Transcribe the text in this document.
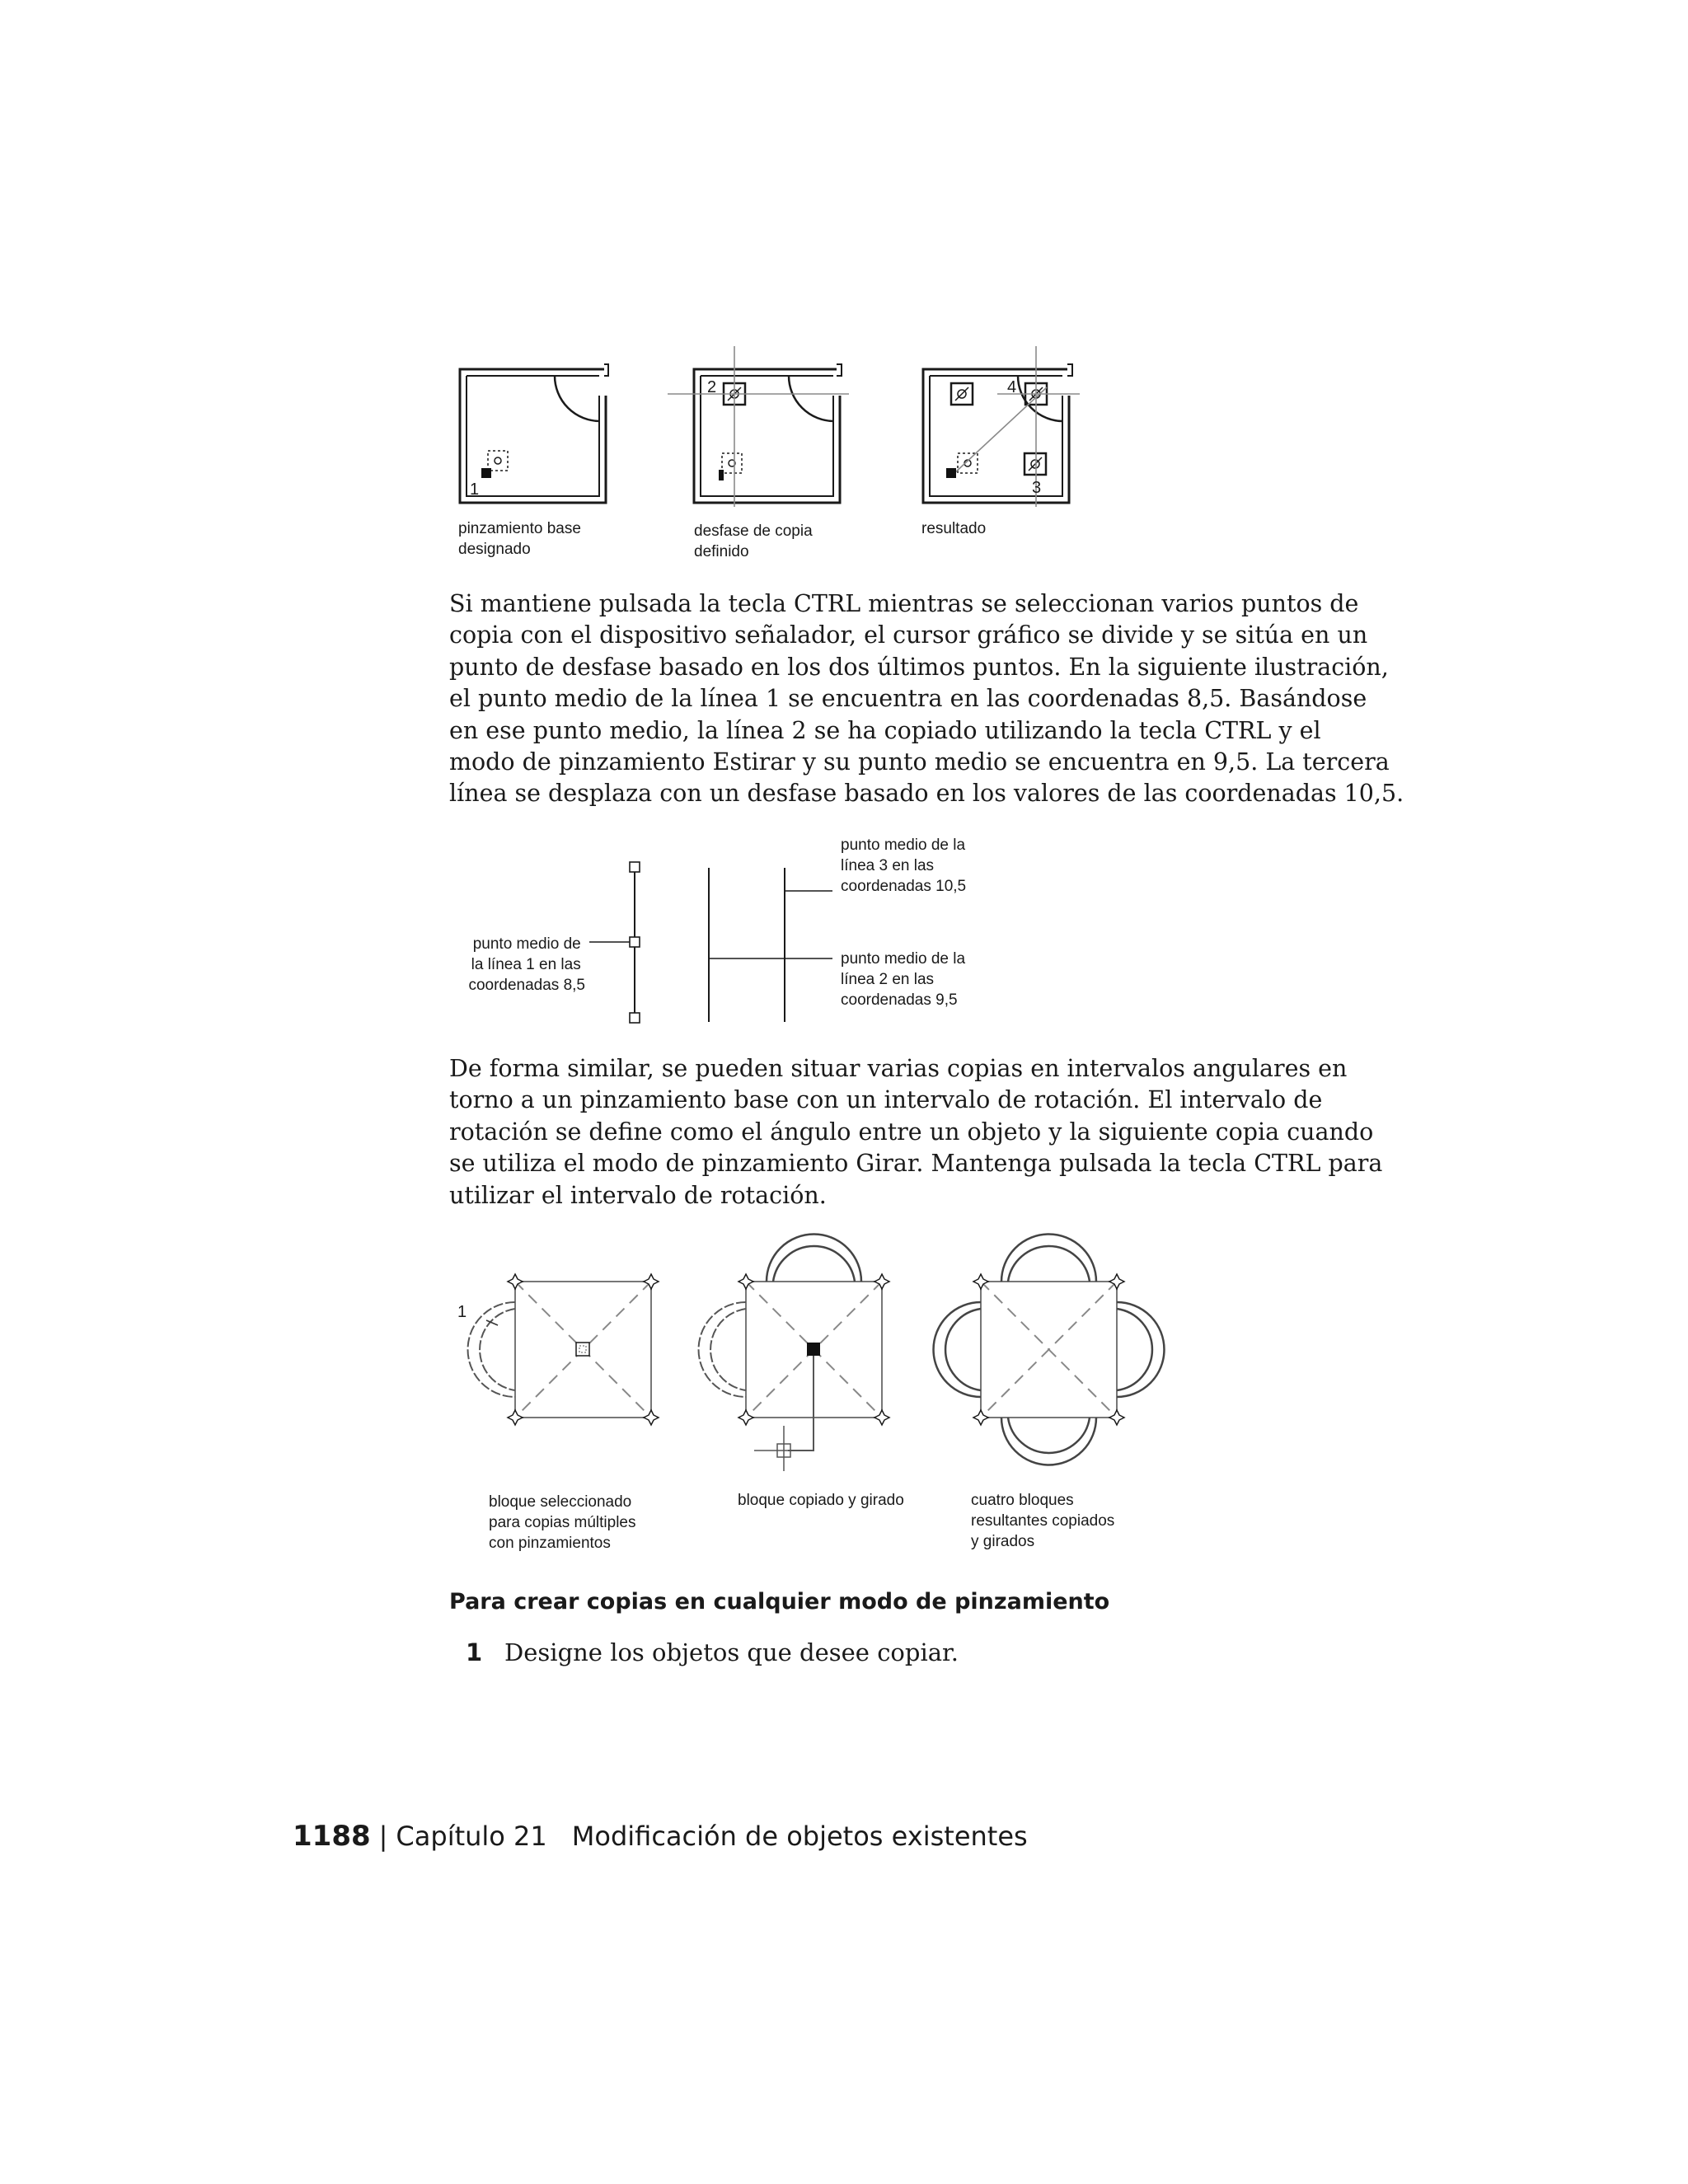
1
2	4
3
pinzamiento base designado
desfase de copia definido
resultado
Si mantiene pulsada la tecla CTRL mientras se seleccionan varios puntos de
copia con el dispositivo señalador, el cursor gráfico se divide y se sitúa en un
punto de desfase basado en los dos últimos puntos. En la siguiente ilustración,
el punto medio de la línea 1 se encuentra en las coordenadas 8,5. Basándose
en ese punto medio, la línea 2 se ha copiado utilizando la tecla CTRL y el
modo de pinzamiento Estirar y su punto medio se encuentra en 9,5. La tercera
línea se desplaza con un desfase basado en los valores de las coordenadas 10,5.
punto medio de la línea 1 en las coordenadas 8,5
punto medio de la línea 3 en las coordenadas 10,5
punto medio de la línea 2 en las coordenadas 9,5
De forma similar, se pueden situar varias copias en intervalos angulares en
torno a un pinzamiento base con un intervalo de rotación. El intervalo de
rotación se define como el ángulo entre un objeto y la siguiente copia cuando
se utiliza el modo de pinzamiento Girar. Mantenga pulsada la tecla CTRL para
utilizar el intervalo de rotación.
1
bloque seleccionado para copias múltiples con pinzamientos
bloque copiado y girado	cuatro bloques resultantes copiados y girados
Para crear copias en cualquier modo de pinzamiento
1 Designe los objetos que desee copiar.
1188 | Capítulo 21 Modificación de objetos existentes
